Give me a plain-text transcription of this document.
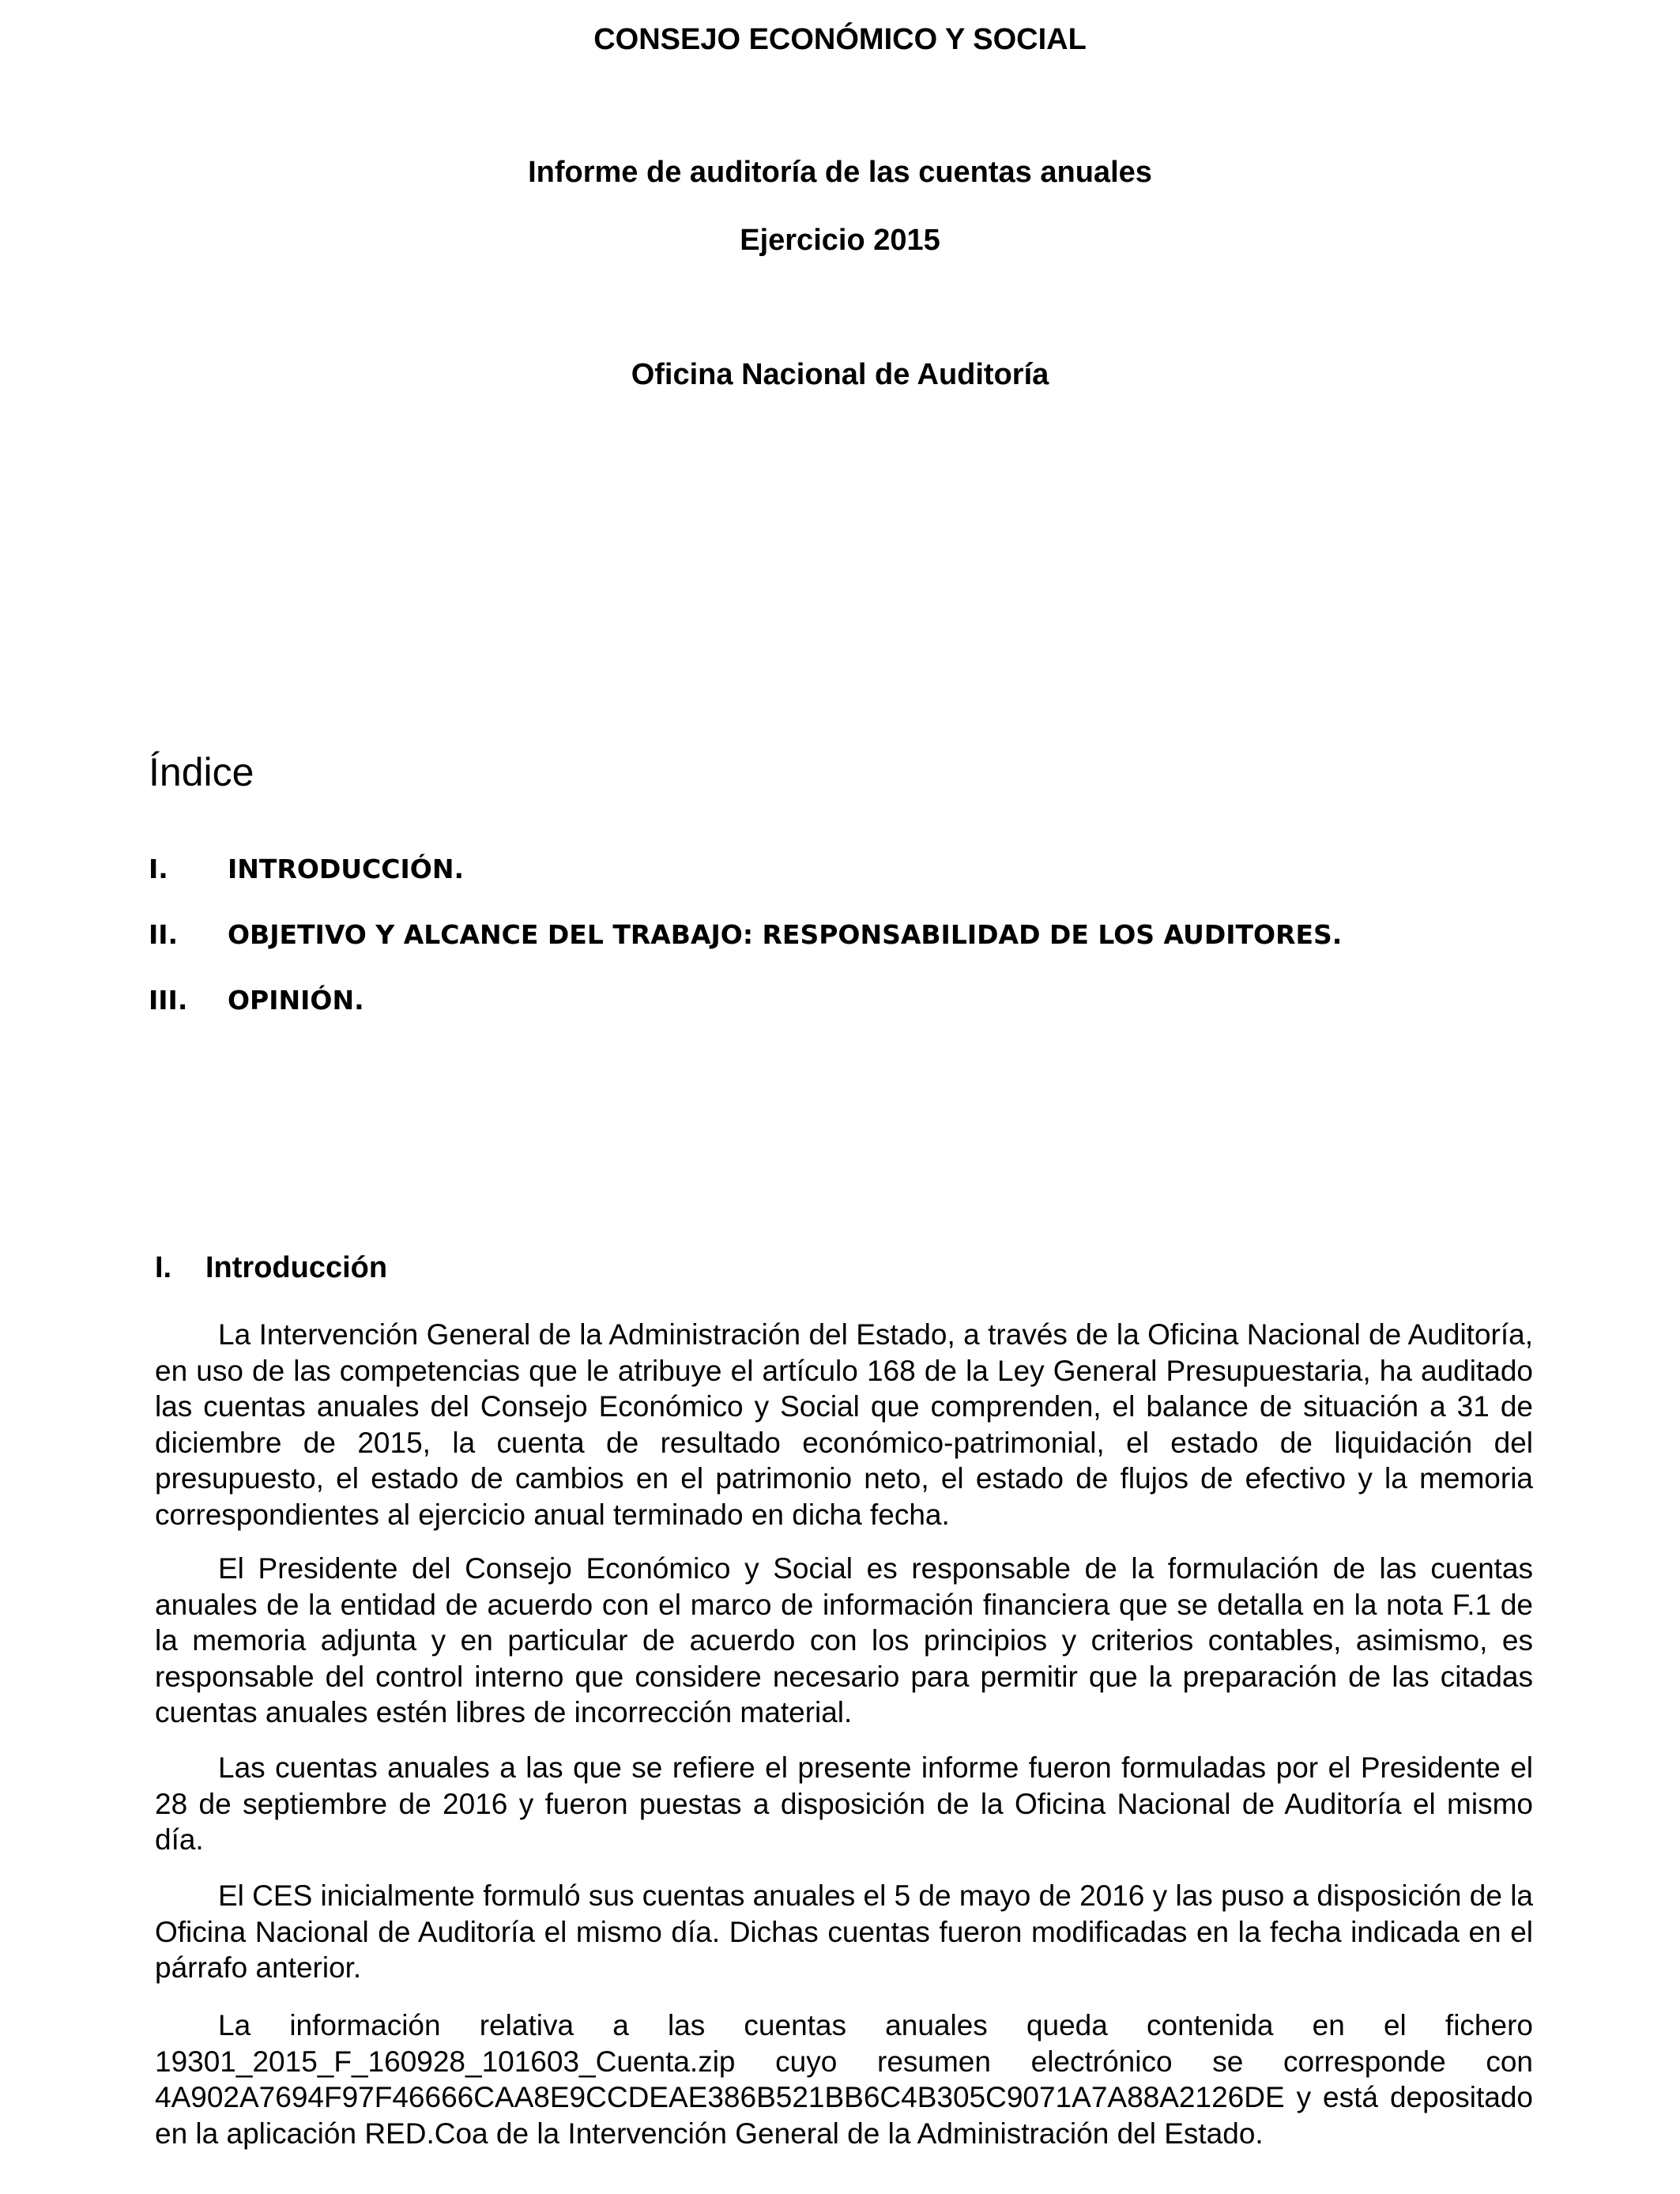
CONSEJO ECONÓMICO Y SOCIAL
Informe de auditoría de las cuentas anuales
Ejercicio 2015
Oficina Nacional de Auditoría
Índice
I. INTRODUCCIÓN.
II. OBJETIVO Y ALCANCE DEL TRABAJO: RESPONSABILIDAD DE LOS AUDITORES.
III. OPINIÓN.
I. Introducción

La Intervención General de la Administración del Estado, a través de la Oficina Nacional de Auditoría, en uso de las competencias que le atribuye el artículo 168 de la Ley General Presupuestaria, ha auditado las cuentas anuales del Consejo Económico y Social que comprenden, el balance de situación a 31 de diciembre de 2015, la cuenta de resultado económico-patrimonial, el estado de liquidación del presupuesto, el estado de cambios en el patrimonio neto, el estado de flujos de efectivo y la memoria correspondientes al ejercicio anual terminado en dicha fecha.

El Presidente del Consejo Económico y Social es responsable de la formulación de las cuentas anuales de la entidad de acuerdo con el marco de información financiera que se detalla en la nota F.1 de la memoria adjunta y en particular de acuerdo con los principios y criterios contables, asimismo, es responsable del control interno que considere necesario para permitir que la preparación de las citadas cuentas anuales estén libres de incorrección material.

Las cuentas anuales a las que se refiere el presente informe fueron formuladas por el Presidente el 28 de septiembre de 2016 y fueron puestas a disposición de la Oficina Nacional de Auditoría el mismo día.

El CES inicialmente formuló sus cuentas anuales el 5 de mayo de 2016 y las puso a disposición de la Oficina Nacional de Auditoría el mismo día. Dichas cuentas fueron modificadas en la fecha indicada en el párrafo anterior.

La información relativa a las cuentas anuales queda contenida en el fichero 19301_2015_F_160928_101603_Cuenta.zip cuyo resumen electrónico se corresponde con 4A902A7694F97F46666CAA8E9CCDEAE386B521BB6C4B305C9071A7A88A2126DE y está depositado en la aplicación RED.Coa de la Intervención General de la Administración del Estado.
